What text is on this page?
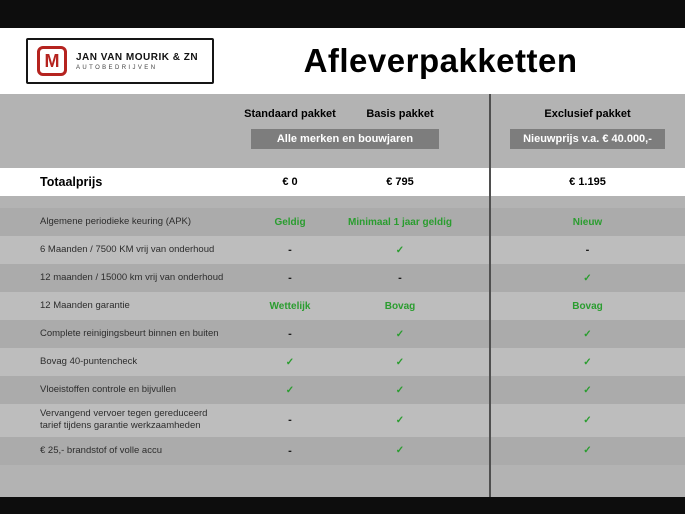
M	JAN VAN MOURIK & ZN
AUTOBEDRIJVEN	Afleverpakketten
Standaard pakket	Basis pakket	Exclusief pakket
Alle merken en bouwjaren	Nieuwprijs v.a. € 40.000,-
Totaalprijs	€ 0	€ 795	€ 1.195
Algemene periodieke keuring (APK)	Geldig	Minimaal 1 jaar geldig	Nieuw
6 Maanden / 7500 KM vrij van onderhoud	-	✓	-
12 maanden / 15000 km vrij van onderhoud	-	-	✓
12 Maanden garantie	Wettelijk	Bovag	Bovag
Complete reinigingsbeurt binnen en buiten	-	✓	✓
Bovag 40-puntencheck	✓	✓	✓
Vloeistoffen controle en bijvullen	✓	✓	✓
Vervangend vervoer tegen gereduceerd tarief tijdens garantie werkzaamheden	-	✓	✓
€ 25,- brandstof of volle accu	-	✓	✓
